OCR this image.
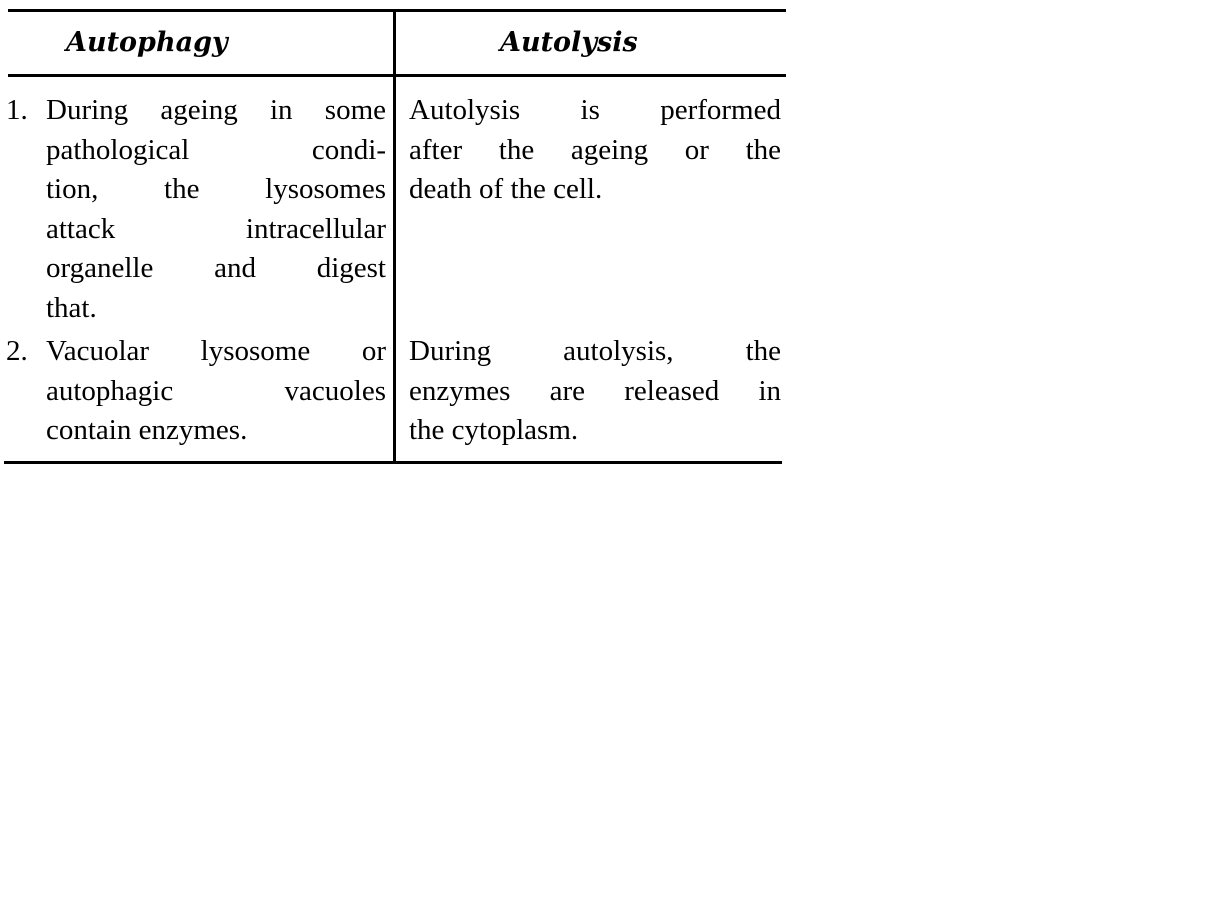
Autophagy	Autolysis
1. During ageing in some
pathological condi-
tion, the lysosomes
attack intracellular
organelle and digest
that.
Autolysis is performed
after the ageing or the
death of the cell.
2. Vacuolar lysosome or
autophagic vacuoles
contain enzymes.
During autolysis, the
enzymes are released in
the cytoplasm.
